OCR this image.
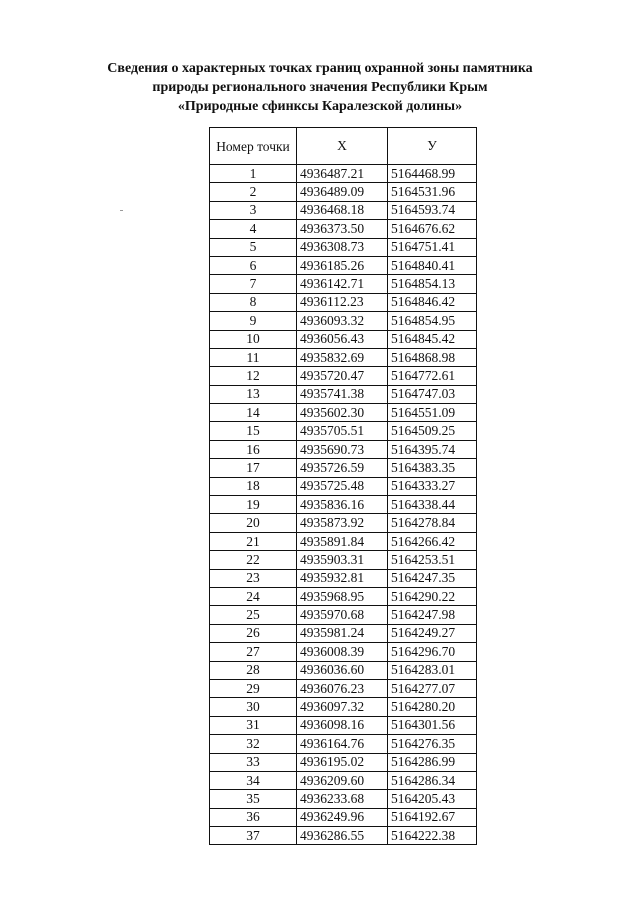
Сведения о характерных точках границ охранной зоны памятника
природы регионального значения Республики Крым
«Природные сфинксы Каралезской долины»
Номер точки	X	У
1	4936487.21	5164468.99
2	4936489.09	5164531.96
3	4936468.18	5164593.74
4	4936373.50	5164676.62
5	4936308.73	5164751.41
6	4936185.26	5164840.41
7	4936142.71	5164854.13
8	4936112.23	5164846.42
9	4936093.32	5164854.95
10	4936056.43	5164845.42
11	4935832.69	5164868.98
12	4935720.47	5164772.61
13	4935741.38	5164747.03
14	4935602.30	5164551.09
15	4935705.51	5164509.25
16	4935690.73	5164395.74
17	4935726.59	5164383.35
18	4935725.48	5164333.27
19	4935836.16	5164338.44
20	4935873.92	5164278.84
21	4935891.84	5164266.42
22	4935903.31	5164253.51
23	4935932.81	5164247.35
24	4935968.95	5164290.22
25	4935970.68	5164247.98
26	4935981.24	5164249.27
27	4936008.39	5164296.70
28	4936036.60	5164283.01
29	4936076.23	5164277.07
30	4936097.32	5164280.20
31	4936098.16	5164301.56
32	4936164.76	5164276.35
33	4936195.02	5164286.99
34	4936209.60	5164286.34
35	4936233.68	5164205.43
36	4936249.96	5164192.67
37	4936286.55	5164222.38
